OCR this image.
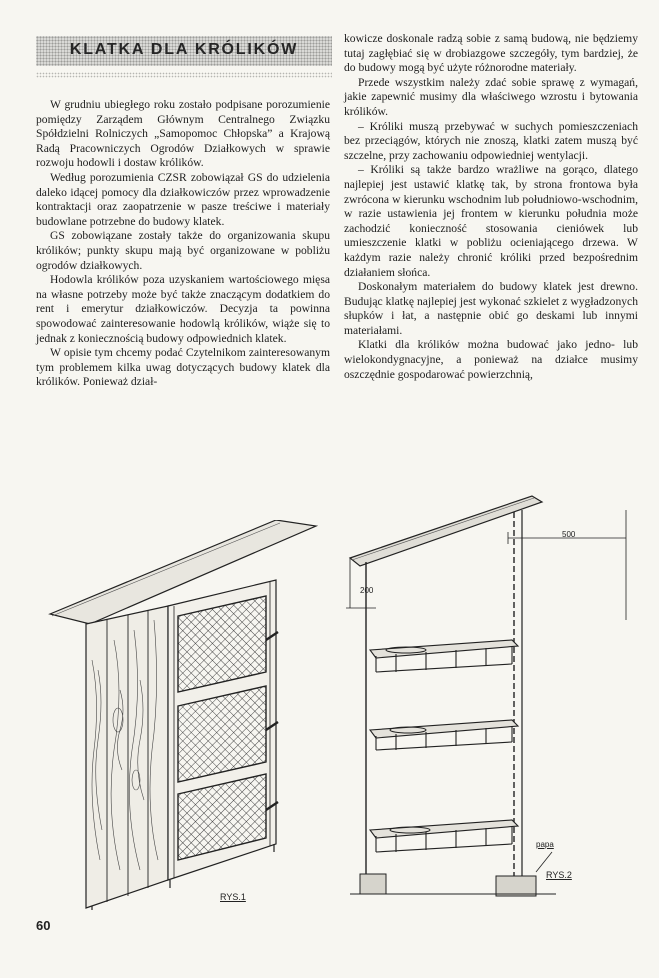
KLATKA DLA KRÓLIKÓW

W grudniu ubiegłego roku zostało podpisane porozumienie pomiędzy Zarządem Głównym Centralnego Związku Spółdzielni Rolniczych „Samopomoc Chłopska” a Krajową Radą Pracowniczych Ogrodów Działkowych w sprawie rozwoju hodowli i dostaw królików.

Według porozumienia CZSR zobowiązał GS do udzielenia daleko idącej pomocy dla działkowiczów przez wprowadzenie kontraktacji oraz zaopatrzenie w pasze treściwe i materiały budowlane potrzebne do budowy klatek.

GS zobowiązane zostały także do organizowania skupu królików; punkty skupu mają być organizowane w pobliżu ogrodów działkowych.

Hodowla królików poza uzyskaniem wartościowego mięsa na własne potrzeby może być także znaczącym dodatkiem do rent i emerytur działkowiczów. Decyzja ta powinna spowodować zainteresowanie hodowlą królików, wiąże się to jednak z koniecznością budowy odpowiednich klatek.

W opisie tym chcemy podać Czytelnikom zainteresowanym tym problemem kilka uwag dotyczących budowy klatek dla królików. Ponieważ dział-

kowicze doskonale radzą sobie z samą budową, nie będziemy tutaj zagłębiać się w drobiazgowe szczegóły, tym bardziej, że do budowy mogą być użyte różnorodne materiały.

Przede wszystkim należy zdać sobie sprawę z wymagań, jakie zapewnić musimy dla właściwego wzrostu i bytowania królików.

– Króliki muszą przebywać w suchych pomieszczeniach bez przeciągów, których nie znoszą, klatki zatem muszą być szczelne, przy zachowaniu odpowiedniej wentylacji.

– Króliki są także bardzo wrażliwe na gorąco, dlatego najlepiej jest ustawić klatkę tak, by strona frontowa była zwrócona w kierunku wschodnim lub południowo-wschodnim, w razie ustawienia jej frontem w kierunku południa może zachodzić konieczność stosowania cieniówek lub umieszczenie klatki w pobliżu ocieniającego drzewa. W każdym razie należy chronić króliki przed bezpośrednim działaniem słońca.

Doskonałym materiałem do budowy klatek jest drewno. Budując klatkę najlepiej jest wykonać szkielet z wygładzonych słupków i łat, a następnie obić go deskami lub innymi materiałami.

Klatki dla królików można budować jako jedno- lub wielokondygnacyjne, a ponieważ na działce musimy oszczędnie gospodarować powierzchnią,

RYS.1
500
200
papa
RYS.2
60
